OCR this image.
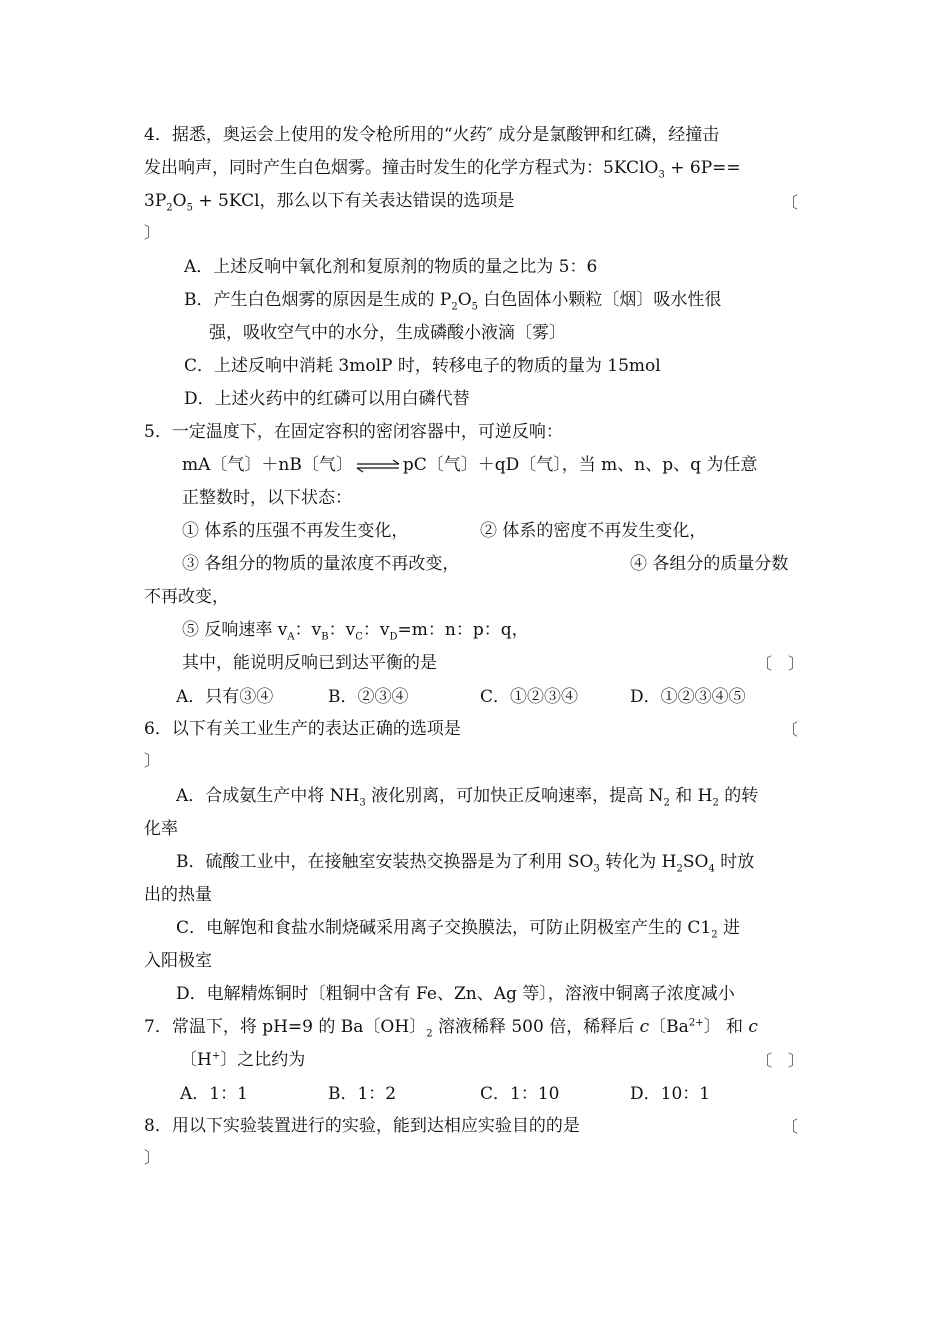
4．据悉，奥运会上使用的发令枪所用的“火药″ 成分是氯酸钾和红磷，经撞击
发出响声，同时产生白色烟雾。撞击时发生的化学方程式为：5KClO$_3$ + 6P==
$3P_2O_5 + 5KCl$，那么以下有关表达错误的选项是	〔
〕
A．上述反响中氧化剂和复原剂的物质的量之比为 5：6
B．产生白色烟雾的原因是生成的 $P_2O_5$ 白色固体小颗粒〔烟〕吸水性很
强，吸收空气中的水分，生成磷酸小液滴〔雾〕
C．上述反响中消耗 3molP 时，转移电子的物质的量为 15mol
D．上述火药中的红磷可以用白磷代替
5．一定温度下，在固定容积的密闭容器中，可逆反响：
mA〔气〕＋nB〔气〕 ⇌ pC〔气〕＋qD〔气〕，当 m、n、p、q 为任意
正整数时，以下状态：
① 体系的压强不再发生变化，	② 体系的密度不再发生变化，
③ 各组分的物质的量浓度不再改变，	④ 各组分的质量分数
不再改变，
⑤ 反响速率 $v_A$：$v_B$：$v_C$：$v_D=m$：n：p：q，
其中，能说明反响已到达平衡的是	〔　〕
A．只有③④	B．②③④	C．①②③④	D．①②③④⑤
6．以下有关工业生产的表达正确的选项是	〔
〕
A．合成氨生产中将 $NH_3$ 液化别离，可加快正反响速率，提高 $N_2$ 和 $H_2$ 的转
化率
B．硫酸工业中，在接触室安装热交换器是为了利用 $SO_3$ 转化为 $H_2SO_4$ 时放
出的热量
C．电解饱和食盐水制烧碱采用离子交换膜法，可防止阴极室产生的 $C1_2$ 进
入阳极室
D．电解精炼铜时〔粗铜中含有 Fe、Zn、Ag 等〕，溶液中铜离子浓度减小
7．常温下，将 pH=9 的 Ba〔OH〕$_2$ 溶液稀释 500 倍，稀释后 c〔$Ba^{2+}$〕 和 c
〔H+〕之比约为	〔　〕
A．1：1	B．1：2	C．1：10	D．10：1
8．用以下实验装置进行的实验，能到达相应实验目的的是	〔
〕
